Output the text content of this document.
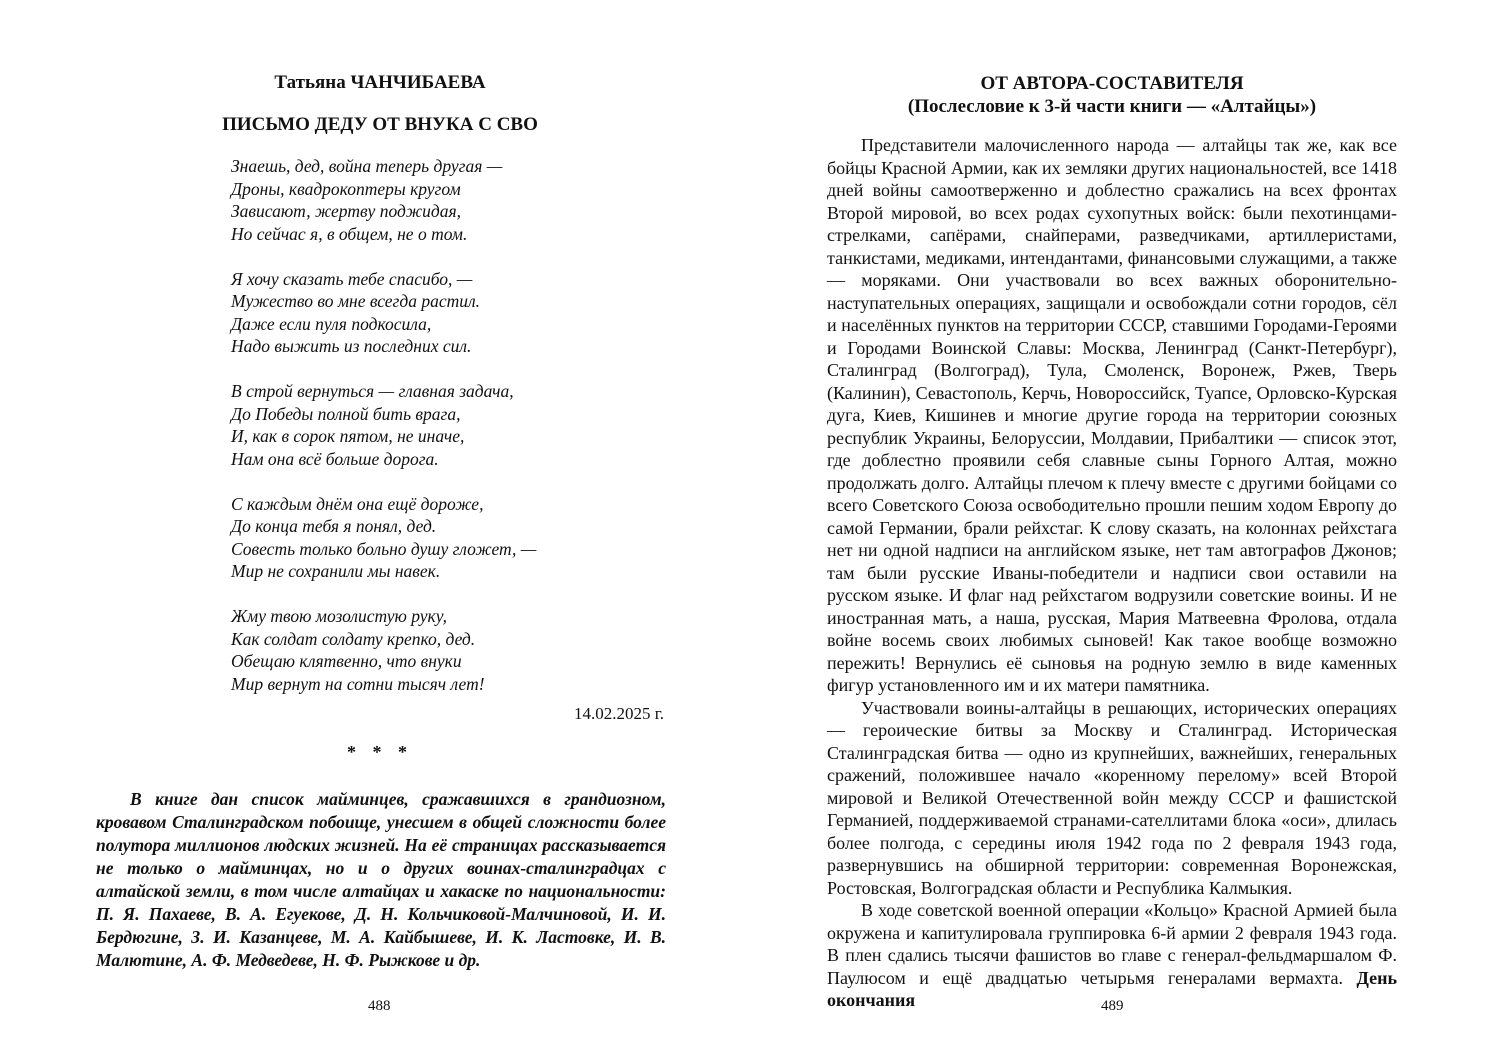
Татьяна ЧАНЧИБАЕВА
ПИСЬМО ДЕДУ ОТ ВНУКА С СВО
Знаешь, дед, война теперь другая —
Дроны, квадрокоптеры кругом
Зависают, жертву поджидая,
Но сейчас я, в общем, не о том.
Я хочу сказать тебе спасибо, —
Мужество во мне всегда растил.
Даже если пуля подкосила,
Надо выжить из последних сил.
В строй вернуться — главная задача,
До Победы полной бить врага,
И, как в сорок пятом, не иначе,
Нам она всё больше дорога.
С каждым днём она ещё дороже,
До конца тебя я понял, дед.
Совесть только больно душу гложет, —
Мир не сохранили мы навек.
Жму твою мозолистую руку,
Как солдат солдату крепко, дед.
Обещаю клятвенно, что внуки
Мир вернут на сотни тысяч лет!
14.02.2025 г.
* * *

В книге дан список майминцев, сражавшихся в грандиозном, кровавом Сталинградском побоище, унесшем в общей сложности более полутора миллионов людских жизней. На её страницах рассказывается не только о майминцах, но и о других воинах-сталинградцах с алтайской земли, в том числе алтайцах и хакаске по национальности: П. Я. Пахаеве, В. А. Егуекове, Д. Н. Кольчиковой-Малчиновой, И. И. Бердюгине, З. И. Казанцеве, М. А. Кайбышеве, И. К. Ластовке, И. В. Малютине, А. Ф. Медведеве, Н. Ф. Рыжкове и др.

488
ОТ АВТОРА-СОСТАВИТЕЛЯ
(Послесловие к 3-й части книги — «Алтайцы»)

Представители малочисленного народа — алтайцы так же, как все бойцы Красной Армии, как их земляки других национальностей, все 1418 дней войны самоотверженно и доблестно сражались на всех фронтах Второй мировой, во всех родах сухопутных войск: были пехотинцами-стрелками, сапёрами, снайперами, разведчиками, артиллеристами, танкистами, медиками, интендантами, финансовыми служащими, а также — моряками. Они участвовали во всех важных оборонительно-наступательных операциях, защищали и освобождали сотни городов, сёл и населённых пунктов на территории СССР, ставшими Городами-Героями и Городами Воинской Славы: Москва, Ленинград (Санкт-Петербург), Сталинград (Волгоград), Тула, Смоленск, Воронеж, Ржев, Тверь (Калинин), Севастополь, Керчь, Новороссийск, Туапсе, Орловско-Курская дуга, Киев, Кишинев и многие другие города на территории союзных республик Украины, Белоруссии, Молдавии, Прибалтики — список этот, где доблестно проявили себя славные сыны Горного Алтая, можно продолжать долго. Алтайцы плечом к плечу вместе с другими бойцами со всего Советского Союза освободительно прошли пешим ходом Европу до самой Германии, брали рейхстаг. К слову сказать, на колоннах рейхстага нет ни одной надписи на английском языке, нет там автографов Джонов; там были русские Иваны-победители и надписи свои оставили на русском языке. И флаг над рейхстагом водрузили советские воины. И не иностранная мать, а наша, русская, Мария Матвеевна Фролова, отдала войне восемь своих любимых сыновей! Как такое вообще возможно пережить! Вернулись её сыновья на родную землю в виде каменных фигур установленного им и их матери памятника.

Участвовали воины-алтайцы в решающих, исторических операциях — героические битвы за Москву и Сталинград. Историческая Сталинградская битва — одно из крупнейших, важнейших, генеральных сражений, положившее начало «коренному перелому» всей Второй мировой и Великой Отечественной войн между СССР и фашистской Германией, поддерживаемой странами-сателлитами блока «оси», длилась более полгода, с середины июля 1942 года по 2 февраля 1943 года, развернувшись на обширной территории: современная Воронежская, Ростовская, Волгоградская области и Республика Калмыкия.

В ходе советской военной операции «Кольцо» Красной Армией была окружена и капитулировала группировка 6-й армии 2 февраля 1943 года. В плен сдались тысячи фашистов во главе с генерал-фельдмаршалом Ф. Паулюсом и ещё двадцатью четырьмя генералами вермахта. День окончания	489
